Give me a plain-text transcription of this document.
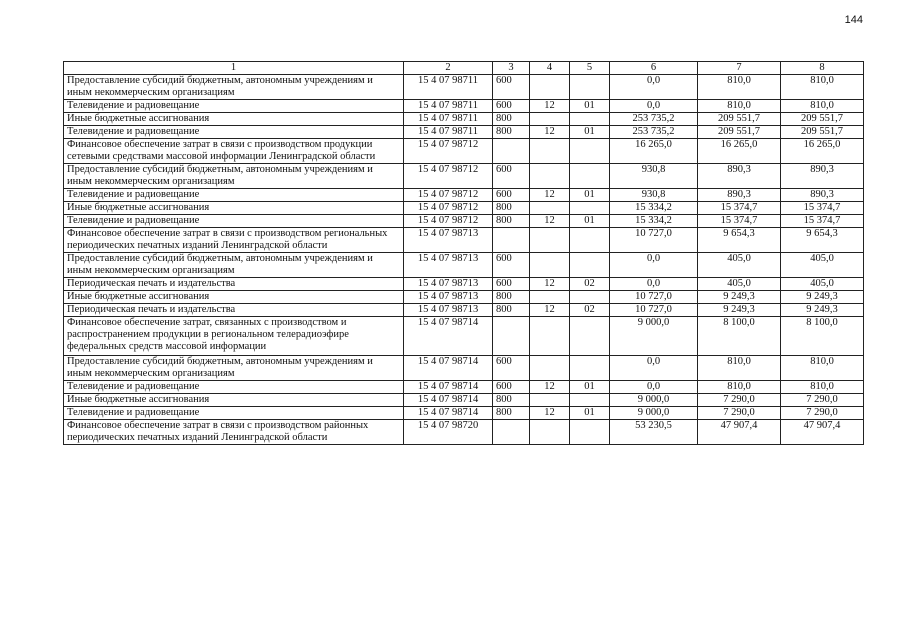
144
1	2	3	4	5	6	7	8
Предоставление субсидий бюджетным, автономным учреждениям и иным некоммерческим организациям	15 4 07 98711	600			0,0	810,0	810,0
Телевидение и радиовещание	15 4 07 98711	600	12	01	0,0	810,0	810,0
Иные бюджетные ассигнования	15 4 07 98711	800			253 735,2	209 551,7	209 551,7
Телевидение и радиовещание	15 4 07 98711	800	12	01	253 735,2	209 551,7	209 551,7
Финансовое обеспечение затрат в связи с производством продукции сетевыми средствами массовой информации Ленинградской области	15 4 07 98712				16 265,0	16 265,0	16 265,0
Предоставление субсидий бюджетным, автономным учреждениям и иным некоммерческим организациям	15 4 07 98712	600			930,8	890,3	890,3
Телевидение и радиовещание	15 4 07 98712	600	12	01	930,8	890,3	890,3
Иные бюджетные ассигнования	15 4 07 98712	800			15 334,2	15 374,7	15 374,7
Телевидение и радиовещание	15 4 07 98712	800	12	01	15 334,2	15 374,7	15 374,7
Финансовое обеспечение затрат в связи с производством региональных периодических печатных изданий Ленинградской области	15 4 07 98713				10 727,0	9 654,3	9 654,3
Предоставление субсидий бюджетным, автономным учреждениям и иным некоммерческим организациям	15 4 07 98713	600			0,0	405,0	405,0
Периодическая печать и издательства	15 4 07 98713	600	12	02	0,0	405,0	405,0
Иные бюджетные ассигнования	15 4 07 98713	800			10 727,0	9 249,3	9 249,3
Периодическая печать и издательства	15 4 07 98713	800	12	02	10 727,0	9 249,3	9 249,3
Финансовое обеспечение затрат, связанных с производством и распространением продукции в региональном телерадиоэфире федеральных средств массовой информации	15 4 07 98714				9 000,0	8 100,0	8 100,0
Предоставление субсидий бюджетным, автономным учреждениям и иным некоммерческим организациям	15 4 07 98714	600			0,0	810,0	810,0
Телевидение и радиовещание	15 4 07 98714	600	12	01	0,0	810,0	810,0
Иные бюджетные ассигнования	15 4 07 98714	800			9 000,0	7 290,0	7 290,0
Телевидение и радиовещание	15 4 07 98714	800	12	01	9 000,0	7 290,0	7 290,0
Финансовое обеспечение затрат в связи с производством районных периодических печатных изданий Ленинградской области	15 4 07 98720				53 230,5	47 907,4	47 907,4
